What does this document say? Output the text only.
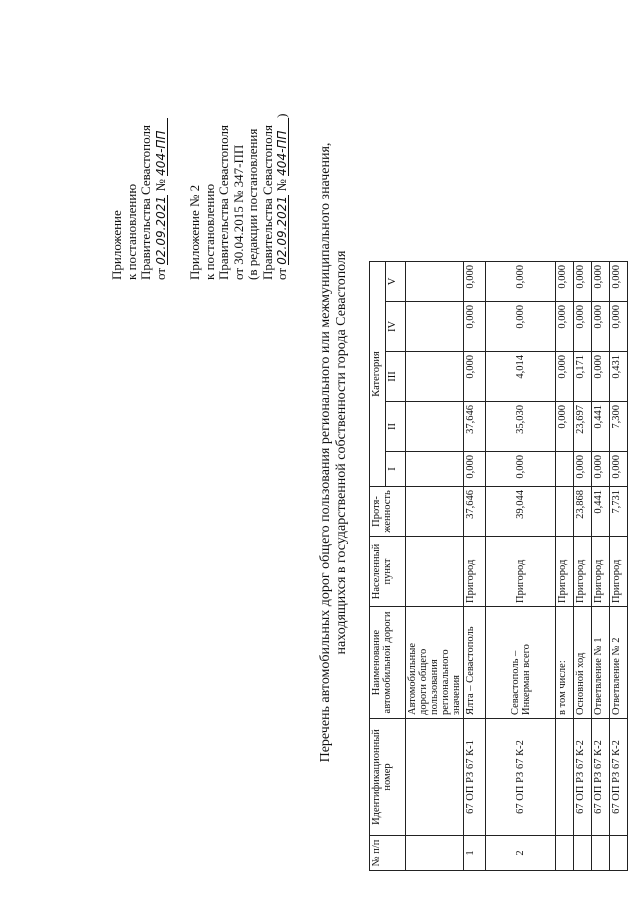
Приложение к постановлению Правительства Севастополя от 02.09.2021 № 404-ПП
Приложение № 2 к постановлению Правительства Севастополя от 30.04.2015 № 347-ПП (в редакции постановления Правительства Севастополя от 02.09.2021 № 404-ПП)
Перечень автомобильных дорог общего пользования регионального или межмуниципального значения, находящихся в государственной собственности города Севастополя
№ п/п	Идентификационный номер	Наименование автомобильной дороги	Населенный пункт	Протя-женность	Категория				
					I	II	III	IV	V
		Автомобильные дороги общего пользования регионального значения							
1	67 ОП РЗ 67 К-1	Ялта – Севастополь	Пригород	37,646	0,000	37,646	0,000	0,000	0,000
2	67 ОП РЗ 67 К-2	Севастополь – Инкерман всего	Пригород	39,044	0,000	35,030	4,014	0,000	0,000
		в том числе:	Пригород			0,000	0,000	0,000	0,000
	67 ОП РЗ 67 К-2	Основной ход	Пригород	23,868	0,000	23,697	0,171	0,000	0,000
	67 ОП РЗ 67 К-2	Ответвление № 1	Пригород	0,441	0,000	0,441	0,000	0,000	0,000
	67 ОП РЗ 67 К-2	Ответвление № 2	Пригород	7,731	0,000	7,300	0,431	0,000	0,000
